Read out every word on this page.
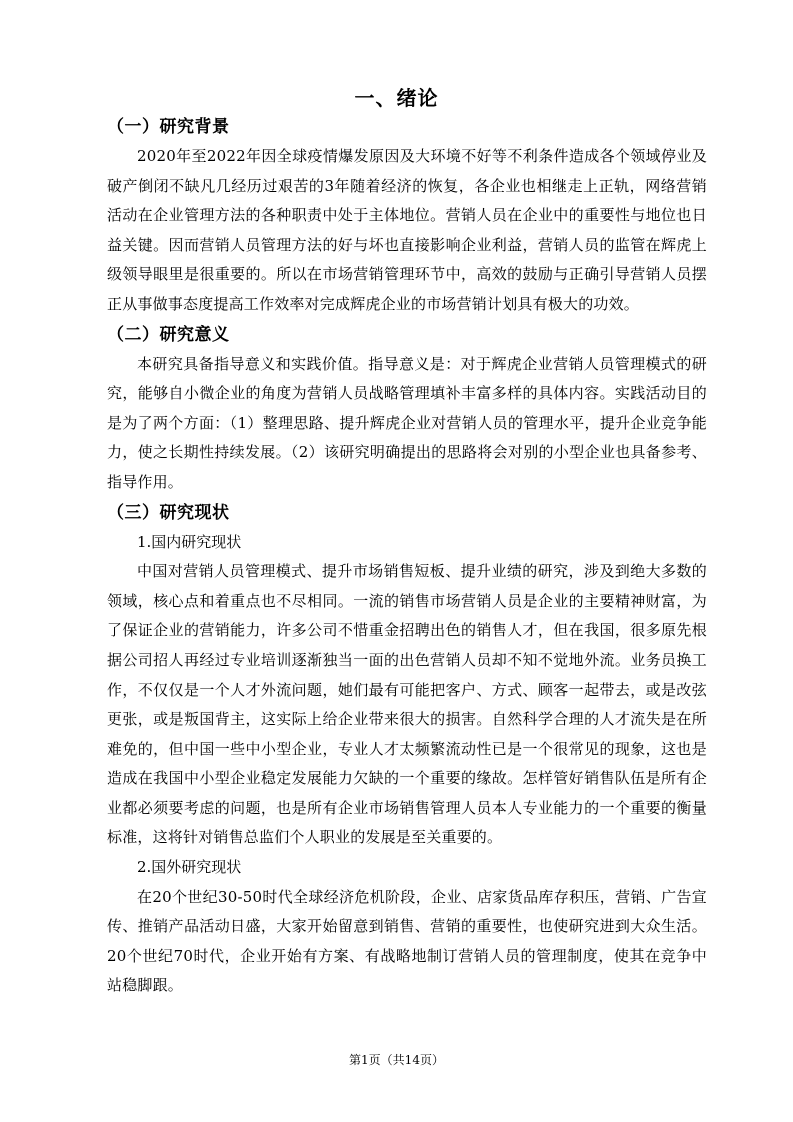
一、绪论

（一）研究背景

2020年至2022年因全球疫情爆发原因及大环境不好等不利条件造成各个领域停业及破产倒闭不缺凡几经历过艰苦的3年随着经济的恢复，各企业也相继走上正轨，网络营销活动在企业管理方法的各种职责中处于主体地位。营销人员在企业中的重要性与地位也日益关键。因而营销人员管理方法的好与坏也直接影响企业利益，营销人员的监管在辉虎上级领导眼里是很重要的。所以在市场营销管理环节中，高效的鼓励与正确引导营销人员摆正从事做事态度提高工作效率对完成辉虎企业的市场营销计划具有极大的功效。

（二）研究意义

本研究具备指导意义和实践价值。指导意义是：对于辉虎企业营销人员管理模式的研究，能够自小微企业的角度为营销人员战略管理填补丰富多样的具体内容。实践活动目的是为了两个方面：（1）整理思路、提升辉虎企业对营销人员的管理水平，提升企业竞争能力，使之长期性持续发展。（2）该研究明确提出的思路将会对别的小型企业也具备参考、指导作用。

（三）研究现状

1.国内研究现状

中国对营销人员管理模式、提升市场销售短板、提升业绩的研究，涉及到绝大多数的领域，核心点和着重点也不尽相同。一流的销售市场营销人员是企业的主要精神财富，为了保证企业的营销能力，许多公司不惜重金招聘出色的销售人才，但在我国，很多原先根据公司招人再经过专业培训逐渐独当一面的出色营销人员却不知不觉地外流。业务员换工作，不仅仅是一个人才外流问题，她们最有可能把客户、方式、顾客一起带去，或是改弦更张，或是叛国背主，这实际上给企业带来很大的损害。自然科学合理的人才流失是在所难免的，但中国一些中小型企业，专业人才太频繁流动性已是一个很常见的现象，这也是造成在我国中小型企业稳定发展能力欠缺的一个重要的缘故。怎样管好销售队伍是所有企业都必须要考虑的问题，也是所有企业市场销售管理人员本人专业能力的一个重要的衡量标准，这将针对销售总监们个人职业的发展是至关重要的。

2.国外研究现状

在20个世纪30-50时代全球经济危机阶段，企业、店家货品库存积压，营销、广告宣传、推销产品活动日盛，大家开始留意到销售、营销的重要性，也使研究进到大众生活。20个世纪70时代，企业开始有方案、有战略地制订营销人员的管理制度，使其在竞争中站稳脚跟。

第1页（共14页）
